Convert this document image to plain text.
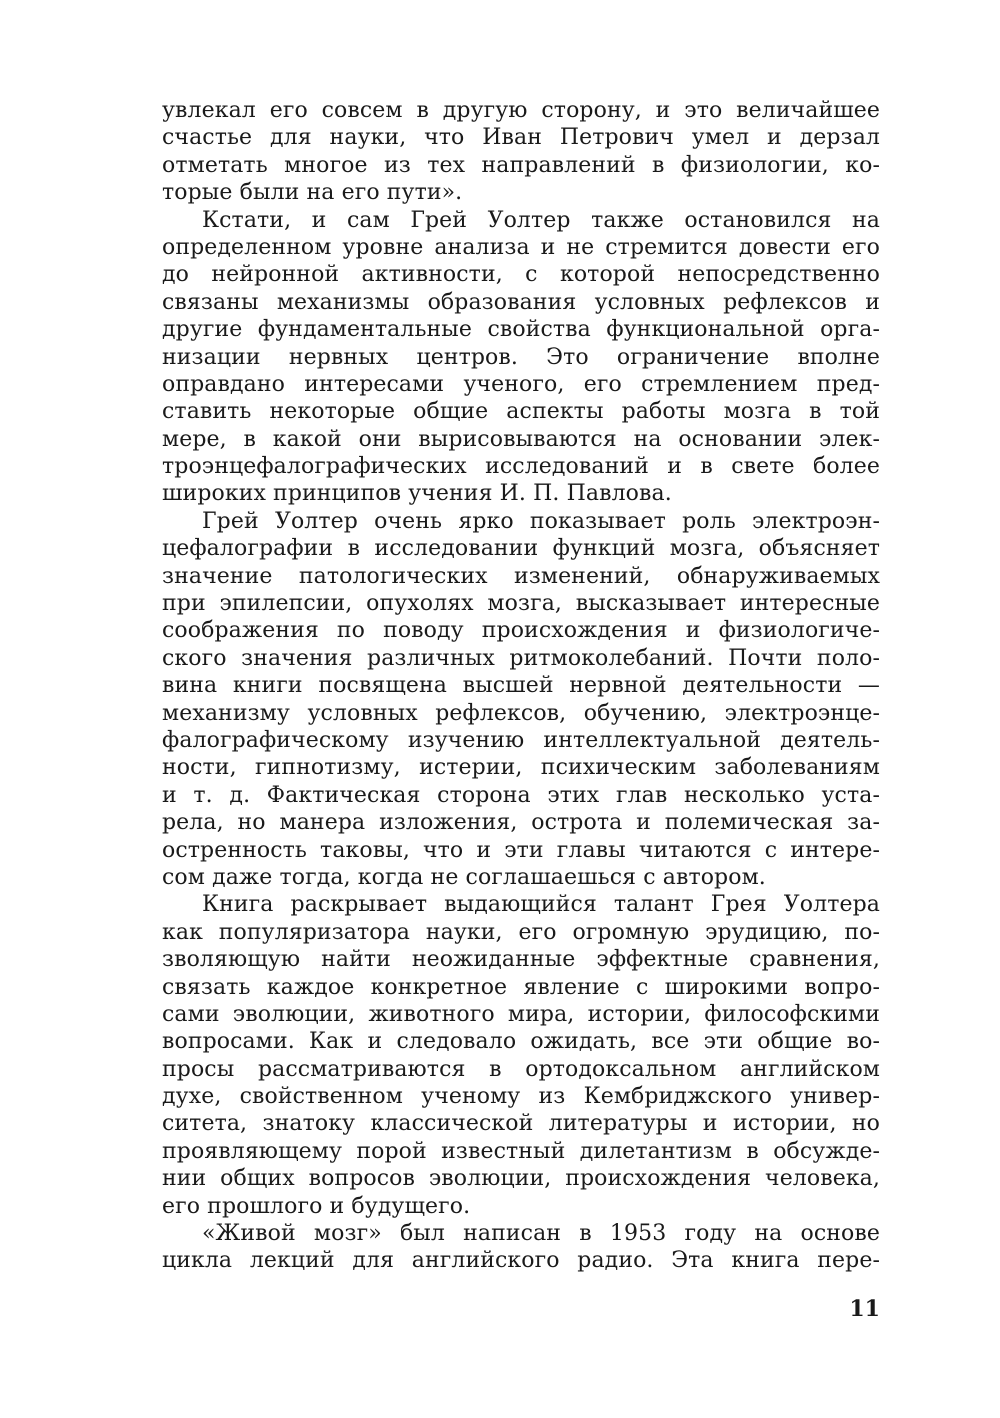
увлекал его совсем в другую сторону, и это величайшее
счастье для науки, что Иван Петрович умел и дерзал
отметать многое из тех направлений в физиологии, ко-
торые были на его пути».
Кстати, и сам Грей Уолтер также остановился на
определенном уровне анализа и не стремится довести его
до нейронной активности, с которой непосредственно
связаны механизмы образования условных рефлексов и
другие фундаментальные свойства функциональной орга-
низации нервных центров. Это ограничение вполне
оправдано интересами ученого, его стремлением пред-
ставить некоторые общие аспекты работы мозга в той
мере, в какой они вырисовываются на основании элек-
троэнцефалографических исследований и в свете более
широких принципов учения И. П. Павлова.
Грей Уолтер очень ярко показывает роль электроэн-
цефалографии в исследовании функций мозга, объясняет
значение патологических изменений, обнаруживаемых
при эпилепсии, опухолях мозга, высказывает интересные
соображения по поводу происхождения и физиологиче-
ского значения различных ритмоколебаний. Почти поло-
вина книги посвящена высшей нервной деятельности —
механизму условных рефлексов, обучению, электроэнце-
фалографическому изучению интеллектуальной деятель-
ности, гипнотизму, истерии, психическим заболеваниям
и т. д. Фактическая сторона этих глав несколько уста-
рела, но манера изложения, острота и полемическая за-
остренность таковы, что и эти главы читаются с интере-
сом даже тогда, когда не соглашаешься с автором.
Книга раскрывает выдающийся талант Грея Уолтера
как популяризатора науки, его огромную эрудицию, по-
зволяющую найти неожиданные эффектные сравнения,
связать каждое конкретное явление с широкими вопро-
сами эволюции, животного мира, истории, философскими
вопросами. Как и следовало ожидать, все эти общие во-
просы рассматриваются в ортодоксальном английском
духе, свойственном ученому из Кембриджского универ-
ситета, знатоку классической литературы и истории, но
проявляющему порой известный дилетантизм в обсужде-
нии общих вопросов эволюции, происхождения человека,
его прошлого и будущего.
«Живой мозг» был написан в 1953 году на основе
цикла лекций для английского радио. Эта книга пере-
11
